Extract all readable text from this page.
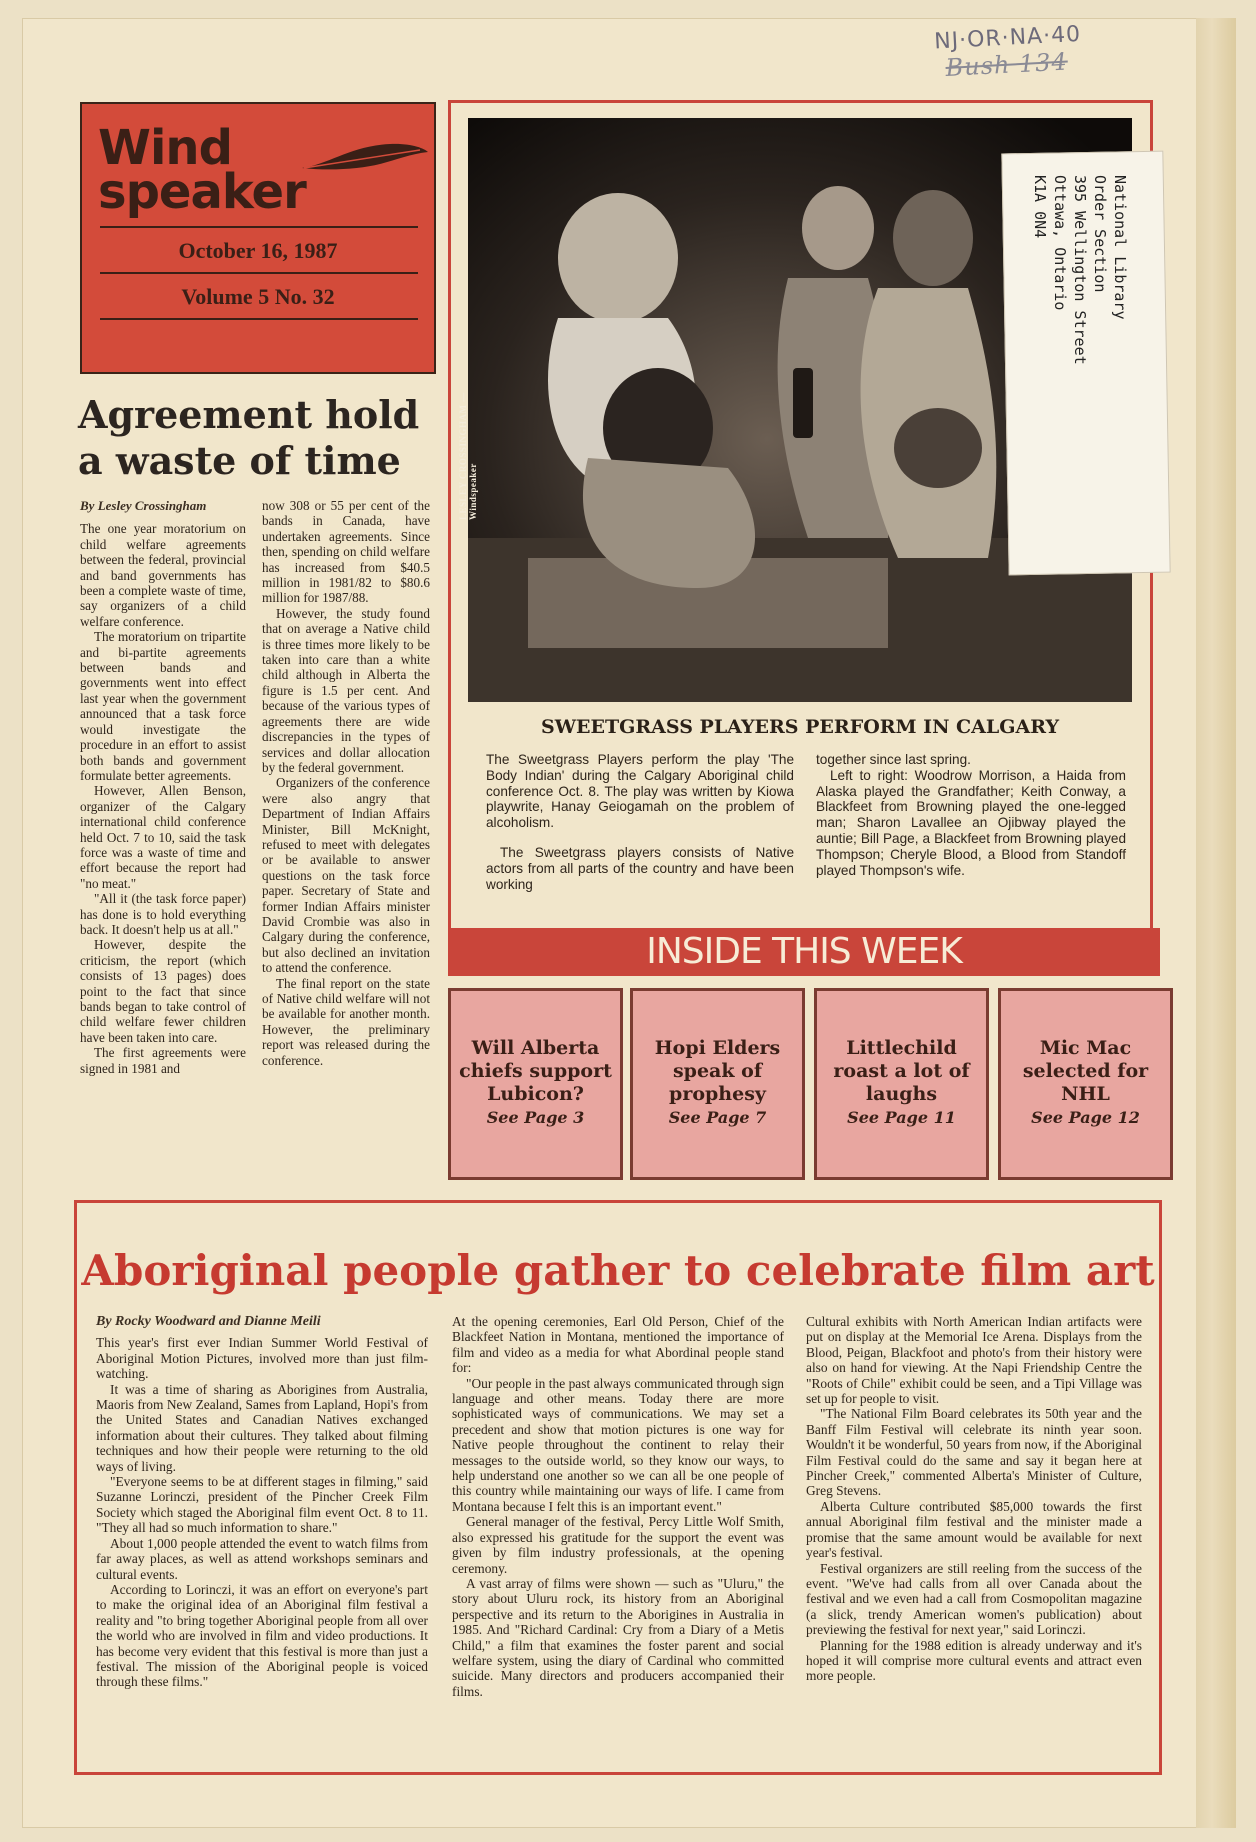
NJ·OR·NA·40
Bush 134
Wind
speaker
October 16, 1987
Volume 5 No. 32
Agreement hold
a waste of time
By Lesley Crossingham

The one year moratorium on child welfare agreements between the federal, provincial and band governments has been a complete waste of time, say organizers of a child welfare conference.

The moratorium on tripartite and bi-partite agreements between bands and governments went into effect last year when the government announced that a task force would investigate the procedure in an effort to assist both bands and government formulate better agreements.

However, Allen Benson, organizer of the Calgary international child conference held Oct. 7 to 10, said the task force was a waste of time and effort because the report had "no meat."

"All it (the task force paper) has done is to hold everything back. It doesn't help us at all."

However, despite the criticism, the report (which consists of 13 pages) does point to the fact that since bands began to take control of child welfare fewer children have been taken into care.

The first agreements were signed in 1981 and

now 308 or 55 per cent of the bands in Canada, have undertaken agreements. Since then, spending on child welfare has increased from $40.5 million in 1981/82 to $80.6 million for 1987/88.

However, the study found that on average a Native child is three times more likely to be taken into care than a white child although in Alberta the figure is 1.5 per cent. And because of the various types of agreements there are wide discrepancies in the types of services and dollar allocation by the federal government.

Organizers of the conference were also angry that Department of Indian Affairs Minister, Bill McKnight, refused to meet with delegates or be available to answer questions on the task force paper. Secretary of State and former Indian Affairs minister David Crombie was also in Calgary during the conference, but also declined an invitation to attend the conference.

The final report on the state of Native child welfare will not be available for another month. However, the preliminary report was released during the conference.

LESLEY CROSSINGHAM — Windspeaker
National Library
Order Section
395 Wellington Street
Ottawa, Ontario
K1A 0N4
SWEETGRASS PLAYERS PERFORM IN CALGARY

The Sweetgrass Players perform the play 'The Body Indian' during the Calgary Aboriginal child conference Oct. 8. The play was written by Kiowa playwrite, Hanay Geiogamah on the problem of alcoholism.

The Sweetgrass players consists of Native actors from all parts of the country and have been working

together since last spring.

Left to right: Woodrow Morrison, a Haida from Alaska played the Grandfather; Keith Conway, a Blackfeet from Browning played the one-legged man; Sharon Lavallee an Ojibway played the auntie; Bill Page, a Blackfeet from Browning played Thompson; Cheryle Blood, a Blood from Standoff played Thompson's wife.

INSIDE THIS WEEK
Will Alberta chiefs support Lubicon?
See Page 3
Hopi Elders speak of prophesy
See Page 7
Littlechild roast a lot of laughs
See Page 11
Mic Mac selected for NHL
See Page 12
Aboriginal people gather to celebrate film art
By Rocky Woodward and Dianne Meili

This year's first ever Indian Summer World Festival of Aboriginal Motion Pictures, involved more than just film-watching.

It was a time of sharing as Aborigines from Australia, Maoris from New Zealand, Sames from Lapland, Hopi's from the United States and Canadian Natives exchanged information about their cultures. They talked about filming techniques and how their people were returning to the old ways of living.

"Everyone seems to be at different stages in filming," said Suzanne Lorinczi, president of the Pincher Creek Film Society which staged the Aboriginal film event Oct. 8 to 11. "They all had so much information to share."

About 1,000 people attended the event to watch films from far away places, as well as attend workshops seminars and cultural events.

According to Lorinczi, it was an effort on everyone's part to make the original idea of an Aboriginal film festival a reality and "to bring together Aboriginal people from all over the world who are involved in film and video productions. It has become very evident that this festival is more than just a festival. The mission of the Aboriginal people is voiced through these films."

At the opening ceremonies, Earl Old Person, Chief of the Blackfeet Nation in Montana, mentioned the importance of film and video as a media for what Abordinal people stand for:

"Our people in the past always communicated through sign language and other means. Today there are more sophisticated ways of communications. We may set a precedent and show that motion pictures is one way for Native people throughout the continent to relay their messages to the outside world, so they know our ways, to help understand one another so we can all be one people of this country while maintaining our ways of life. I came from Montana because I felt this is an important event."

General manager of the festival, Percy Little Wolf Smith, also expressed his gratitude for the support the event was given by film industry professionals, at the opening ceremony.

A vast array of films were shown — such as "Uluru," the story about Uluru rock, its history from an Aboriginal perspective and its return to the Aborigines in Australia in 1985. And "Richard Cardinal: Cry from a Diary of a Metis Child," a film that examines the foster parent and social welfare system, using the diary of Cardinal who committed suicide. Many directors and producers accompanied their films.

Cultural exhibits with North American Indian artifacts were put on display at the Memorial Ice Arena. Displays from the Blood, Peigan, Blackfoot and photo's from their history were also on hand for viewing. At the Napi Friendship Centre the "Roots of Chile" exhibit could be seen, and a Tipi Village was set up for people to visit.

"The National Film Board celebrates its 50th year and the Banff Film Festival will celebrate its ninth year soon. Wouldn't it be wonderful, 50 years from now, if the Aboriginal Film Festival could do the same and say it began here at Pincher Creek," commented Alberta's Minister of Culture, Greg Stevens.

Alberta Culture contributed $85,000 towards the first annual Aboriginal film festival and the minister made a promise that the same amount would be available for next year's festival.

Festival organizers are still reeling from the success of the event. "We've had calls from all over Canada about the festival and we even had a call from Cosmopolitan magazine (a slick, trendy American women's publication) about previewing the festival for next year," said Lorinczi.

Planning for the 1988 edition is already underway and it's hoped it will comprise more cultural events and attract even more people.
